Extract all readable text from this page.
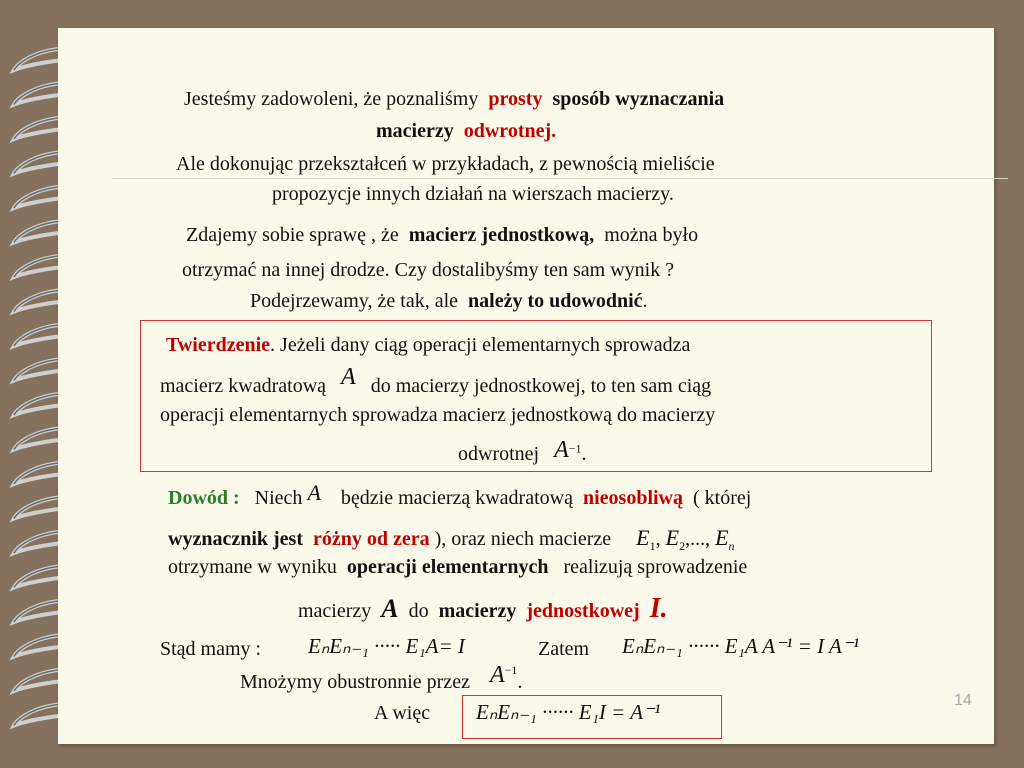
Jesteśmy zadowoleni, że poznaliśmy prosty sposób wyznaczania
macierzy odwrotnej.
Ale dokonując przekształceń w przykładach, z pewnością mieliście
propozycje innych działań na wierszach macierzy.
Zdajemy sobie sprawę , że macierz jednostkową, można było
otrzymać na innej drodze. Czy dostalibyśmy ten sam wynik ?
Podejrzewamy, że tak, ale należy to udowodnić.
Twierdzenie. Jeżeli dany ciąg operacji elementarnych sprowadza
macierz kwadratową A do macierzy jednostkowej, to ten sam ciąg
operacji elementarnych sprowadza macierz jednostkową do macierzy
odwrotnej $A^{-1}$.
Dowód : Niech A będzie macierzą kwadratową nieosobliwą ( której
wyznacznik jest różny od zera ), oraz niech macierze $E_1$, $E_2$,..., $E_n$
otrzymane w wyniku operacji elementarnych realizują sprowadzenie
macierzy A do macierzy jednostkowej I.
Stąd mamy : EₙEₙ₋₁ ····· E₁A= I	Zatem EₙEₙ₋₁ ······ E₁A A⁻¹ = I A⁻¹
Mnożymy obustronnie przez $A^{-1}$.
A więc EₙEₙ₋₁ ······ E₁I = A⁻¹	14
